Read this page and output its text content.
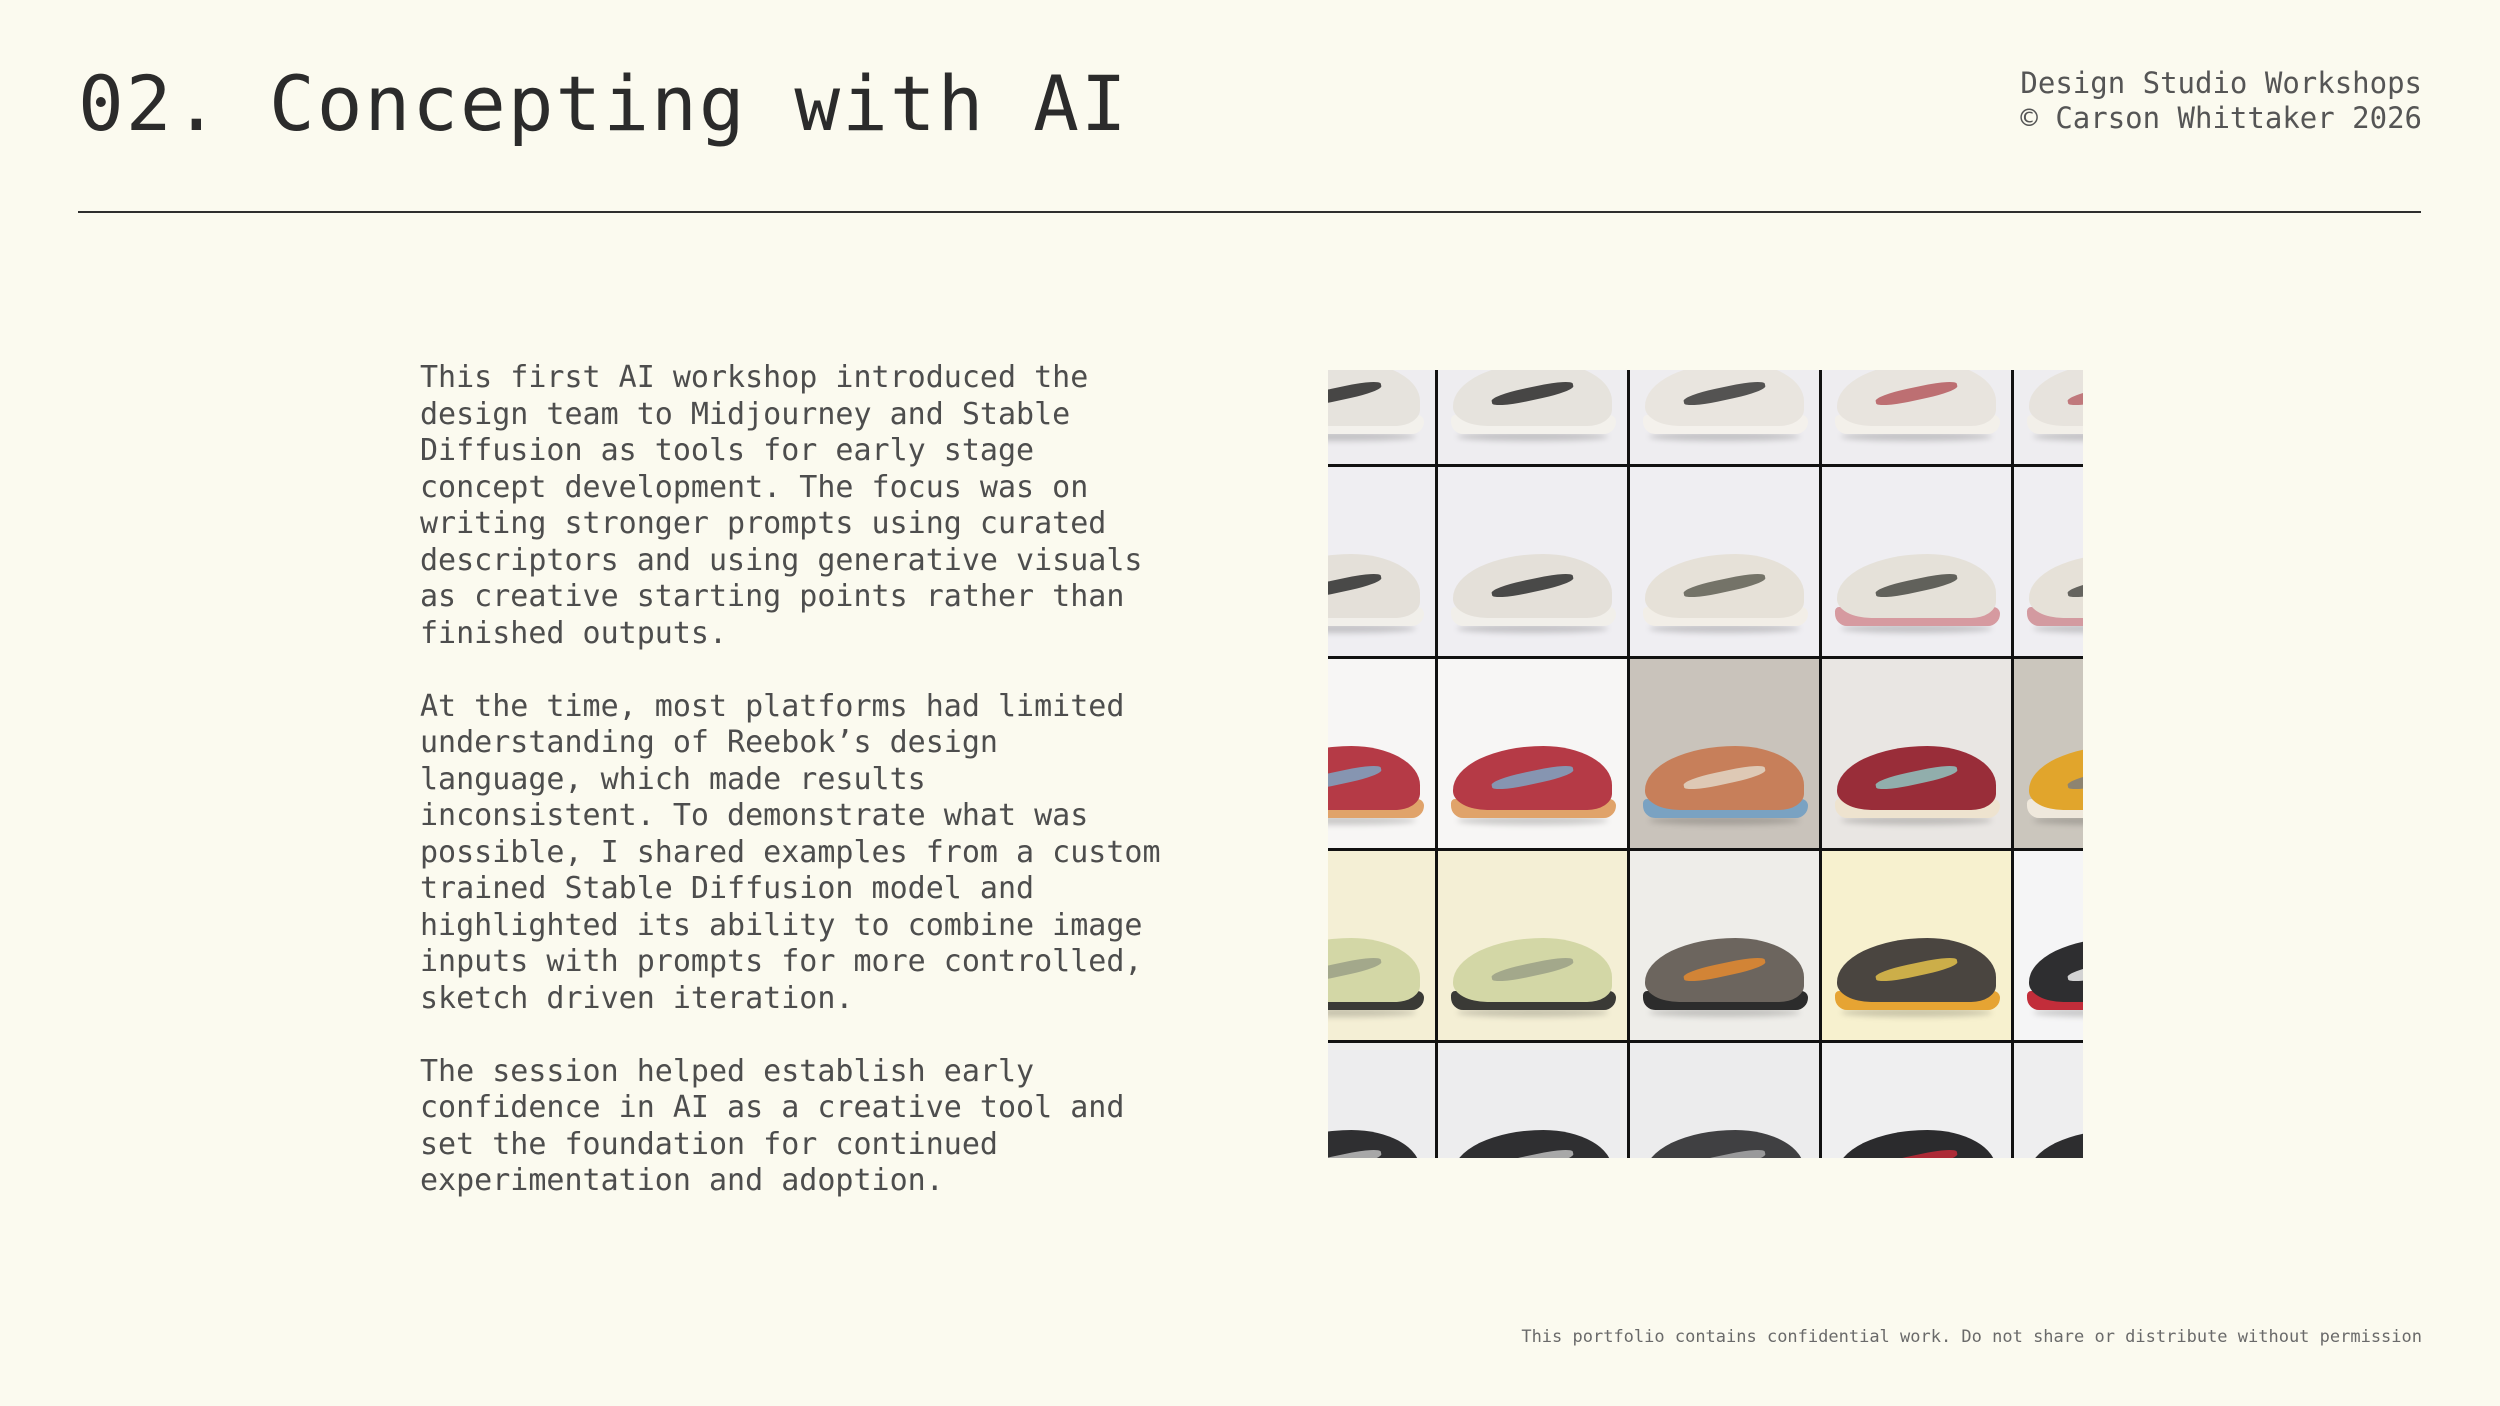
02. Concepting with AI	Design Studio Workshops
© Carson Whittaker 2026

This first AI workshop introduced the
design team to Midjourney and Stable
Diffusion as tools for early stage
concept development. The focus was on
writing stronger prompts using curated
descriptors and using generative visuals
as creative starting points rather than
finished outputs.

At the time, most platforms had limited
understanding of Reebok’s design
language, which made results
inconsistent. To demonstrate what was
possible, I shared examples from a custom
trained Stable Diffusion model and
highlighted its ability to combine image
inputs with prompts for more controlled,
sketch driven iteration.

The session helped establish early
confidence in AI as a creative tool and
set the foundation for continued
experimentation and adoption.

This portfolio contains confidential work. Do not share or distribute without permission
